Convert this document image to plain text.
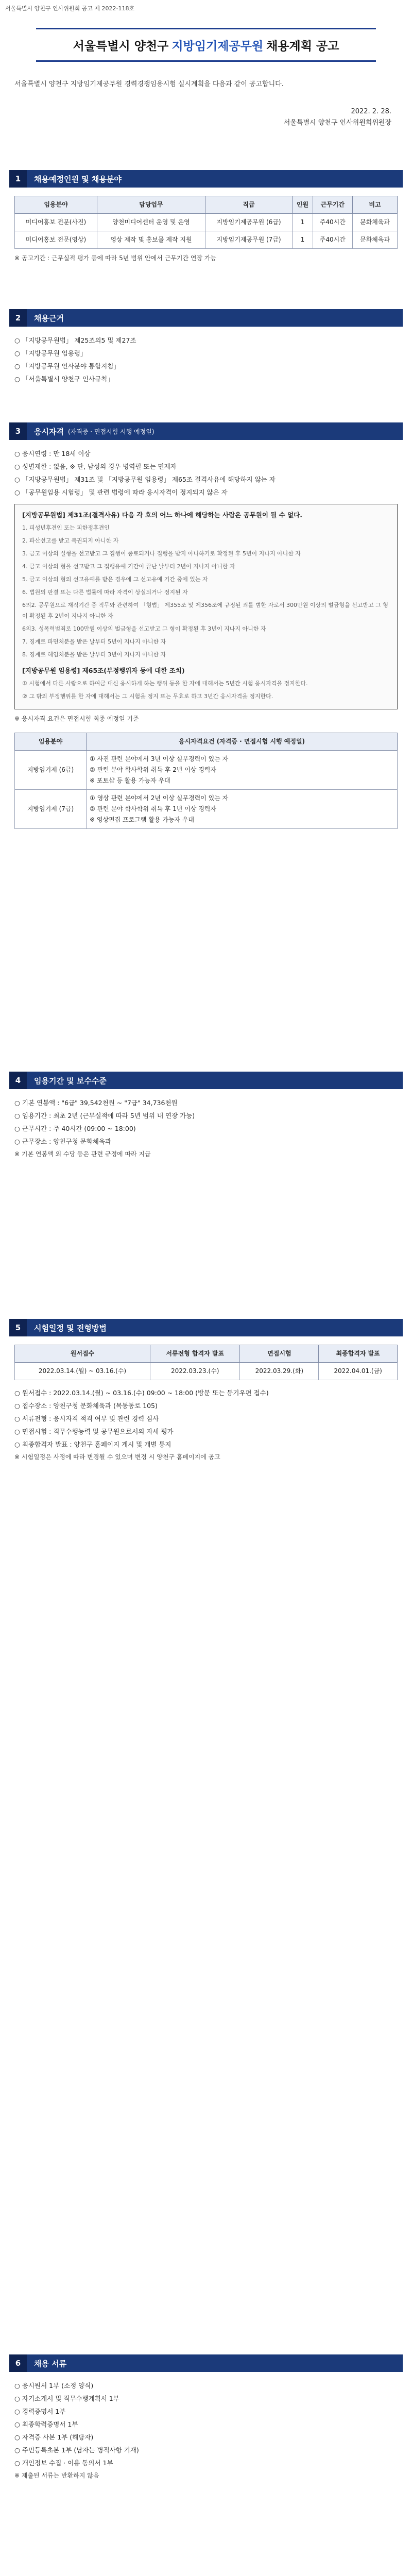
서울특별시 양천구 인사위원회 공고 제 2022-118호
서울특별시 양천구 지방임기제공무원 채용계획 공고
서울특별시 양천구 지방임기제공무원 경력경쟁임용시험 실시계획을 다음과 같이 공고합니다.
2022. 2. 28.
서울특별시 양천구 인사위원회위원장
1	채용예정인원 및 채용분야
임용분야	담당업무	직급	인원	근무기간	비고
미디어홍보 전문(사진)	양천미디어센터 운영 및 운영	지방임기제공무원 (6급)	1	주40시간	문화체육과
미디어홍보 전문(영상)	영상 제작 및 홍보물 제작 지원	지방임기제공무원 (7급)	1	주40시간	문화체육과

※ 공고기간 : 근무실적 평가 등에 따라 5년 범위 안에서 근무기간 연장 가능

2	채용근거

○ 「지방공무원법」 제25조의5 및 제27조

○ 「지방공무원 임용령」

○ 「지방공무원 인사분야 통합지침」

○ 「서울특별시 양천구 인사규칙」

3	응시자격 (자격증 · 면접시험 시행 예정일)

○ 응시연령 : 만 18세 이상

○ 성별제한 : 없음, ※ 단, 남성의 경우 병역필 또는 면제자

○ 「지방공무원법」 제31조 및 「지방공무원 임용령」 제65조 결격사유에 해당하지 않는 자

○ 「공무원임용 시험령」 및 관련 법령에 따라 응시자격이 정지되지 않은 자

[지방공무원법] 제31조(결격사유) 다음 각 호의 어느 하나에 해당하는 사람은 공무원이 될 수 없다.

1. 피성년후견인 또는 피한정후견인

2. 파산선고를 받고 복권되지 아니한 자

3. 금고 이상의 실형을 선고받고 그 집행이 종료되거나 집행을 받지 아니하기로 확정된 후 5년이 지나지 아니한 자

4. 금고 이상의 형을 선고받고 그 집행유예 기간이 끝난 날부터 2년이 지나지 아니한 자

5. 금고 이상의 형의 선고유예를 받은 경우에 그 선고유예 기간 중에 있는 자

6. 법원의 판결 또는 다른 법률에 따라 자격이 상실되거나 정지된 자

6의2. 공무원으로 재직기간 중 직무와 관련하여 「형법」 제355조 및 제356조에 규정된 죄를 범한 자로서 300만원 이상의 벌금형을 선고받고 그 형이 확정된 후 2년이 지나지 아니한 자

6의3. 성폭력범죄로 100만원 이상의 벌금형을 선고받고 그 형이 확정된 후 3년이 지나지 아니한 자

7. 징계로 파면처분을 받은 날부터 5년이 지나지 아니한 자

8. 징계로 해임처분을 받은 날부터 3년이 지나지 아니한 자

[지방공무원 임용령] 제65조(부정행위자 등에 대한 조치)

① 시험에서 다른 사람으로 하여금 대신 응시하게 하는 행위 등을 한 자에 대해서는 5년간 시험 응시자격을 정지한다.

② 그 밖의 부정행위를 한 자에 대해서는 그 시험을 정지 또는 무효로 하고 3년간 응시자격을 정지한다.

※ 응시자격 요건은 면접시험 최종 예정일 기준

임용분야	응시자격요건 (자격증 · 면접시험 시행 예정일)
지방임기제 (6급)	① 사진 관련 분야에서 3년 이상 실무경력이 있는 자
② 관련 분야 학사학위 취득 후 2년 이상 경력자
※ 포토샵 등 활용 가능자 우대
지방임기제 (7급)	① 영상 관련 분야에서 2년 이상 실무경력이 있는 자
② 관련 분야 학사학위 취득 후 1년 이상 경력자
※ 영상편집 프로그램 활용 가능자 우대
4	임용기간 및 보수수준

○ 기본 연봉액 : "6급" 39,542천원 ~ "7급" 34,736천원

○ 임용기간 : 최초 2년 (근무실적에 따라 5년 범위 내 연장 가능)

○ 근무시간 : 주 40시간 (09:00 ~ 18:00)

○ 근무장소 : 양천구청 문화체육과

※ 기본 연봉액 외 수당 등은 관련 규정에 따라 지급

5	시험일정 및 전형방법
원서접수	서류전형 합격자 발표	면접시험	최종합격자 발표
2022.03.14.(월) ~ 03.16.(수)	2022.03.23.(수)	2022.03.29.(화)	2022.04.01.(금)

○ 원서접수 : 2022.03.14.(월) ~ 03.16.(수) 09:00 ~ 18:00 (방문 또는 등기우편 접수)

○ 접수장소 : 양천구청 문화체육과 (목동동로 105)

○ 서류전형 : 응시자격 적격 여부 및 관련 경력 심사

○ 면접시험 : 직무수행능력 및 공무원으로서의 자세 평가

○ 최종합격자 발표 : 양천구 홈페이지 게시 및 개별 통지

※ 시험일정은 사정에 따라 변경될 수 있으며 변경 시 양천구 홈페이지에 공고

6	채용 서류

○ 응시원서 1부 (소정 양식)

○ 자기소개서 및 직무수행계획서 1부

○ 경력증명서 1부

○ 최종학력증명서 1부

○ 자격증 사본 1부 (해당자)

○ 주민등록초본 1부 (남자는 병적사항 기재)

○ 개인정보 수집 · 이용 동의서 1부

※ 제출된 서류는 반환하지 않음
